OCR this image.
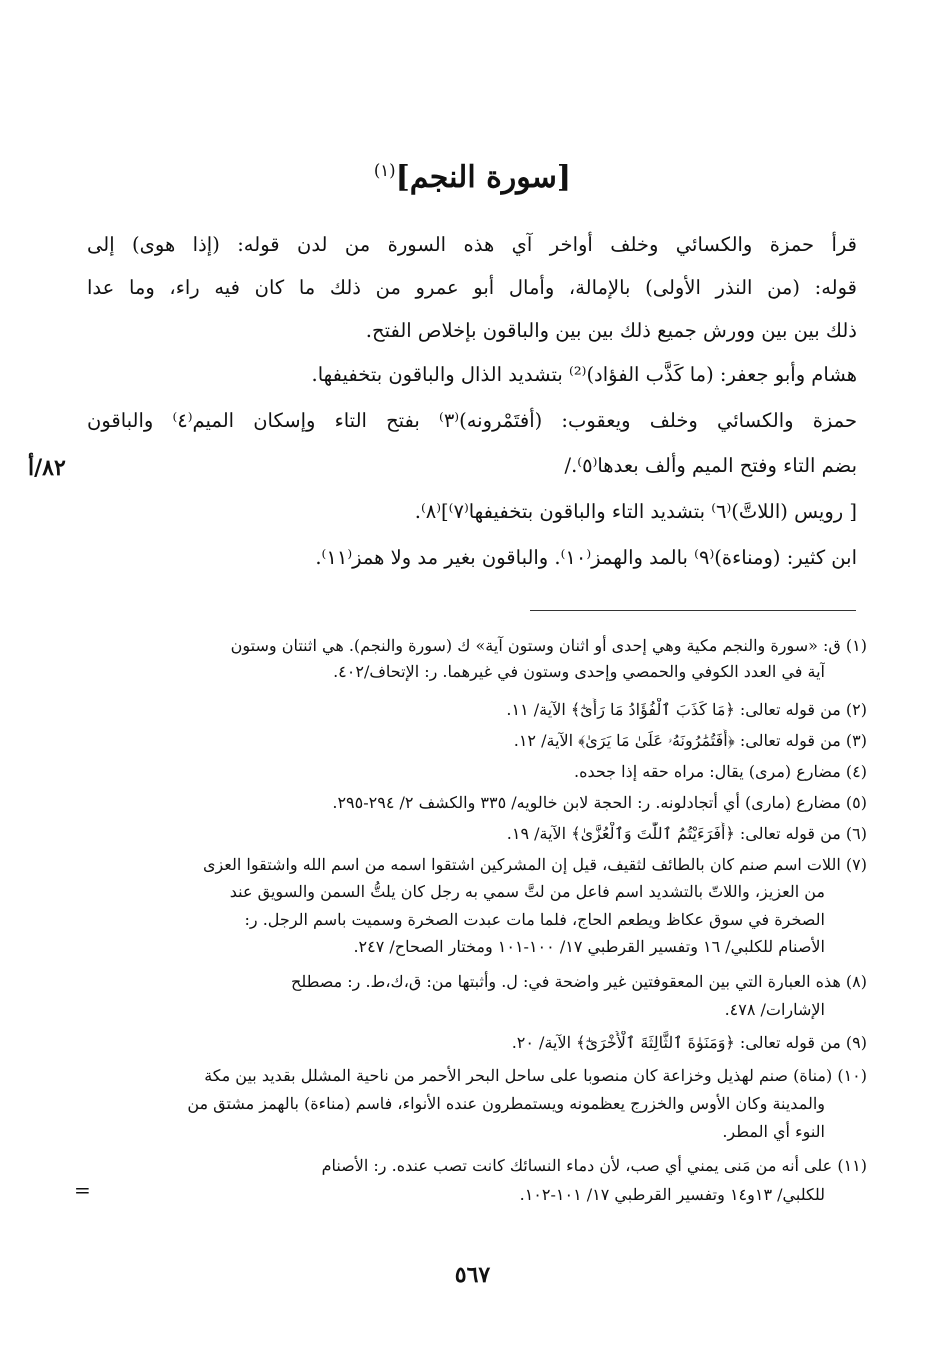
[سورة النجم]$^{(١)}$
قرأ حمزة والكسائي وخلف أواخر آي هذه السورة من لدن قوله: (إذا هوى) إلى
قوله: (من النذر الأولى) بالإمالة، وأمال أبو عمرو من ذلك ما كان فيه راء، وما عدا
ذلك بين بين وورش جميع ذلك بين بين والباقون بإخلاص الفتح.
هشام وأبو جعفر: (ما كَذَّب الفؤاد)⁽²⁾ بتشديد الذال والباقون بتخفيفها.
حمزة والكسائي وخلف ويعقوب: (أفتَمْرونه)⁽٣⁾ بفتح التاء وإسكان الميم⁽٤⁾ والباقون
بضم التاء وفتح الميم وألف بعدها⁽٥⁾./
[ رويس (اللاتَّ)⁽٦⁾ بتشديد التاء والباقون بتخفيفها⁽٧⁾]⁽٨⁾.
ابن كثير: (ومناءة)⁽٩⁾ بالمد والهمز⁽١٠⁾. والباقون بغير مد ولا همز⁽١١⁾.
٨٢/أ
(١) ق: «سورة والنجم مكية وهي إحدى أو اثنان وستون آية» ك (سورة والنجم). هي اثنتان وستون
آية في العدد الكوفي والحمصي وإحدى وستون في غيرهما. ر: الإتحاف/٤٠٢.
(٢) من قوله تعالى: ﴿مَا كَذَبَ ٱلْفُؤَادُ مَا رَأَىٰٓ﴾ الآية/ ١١.
(٣) من قوله تعالى: ﴿أَفَتُمَٰرُونَهُۥ عَلَىٰ مَا يَرَىٰ﴾ الآية/ ١٢.
(٤) مضارع (مرى) يقال: مراه حقه إذا جحده.
(٥) مضارع (مارى) أي أتجادلونه. ر: الحجة لابن خالويه/ ٣٣٥ والكشف ٢/ ٢٩٤-٢٩٥.
(٦) من قوله تعالى: ﴿أَفَرَءَيْتُمُ ٱللَّٰتَ وَٱلْعُزَّىٰ﴾ الآية/ ١٩.
(٧) اللات اسم صنم كان بالطائف لثقيف، قيل إن المشركين اشتقوا اسمه من اسم الله واشتقوا العزى
من العزيز، واللاتّ بالتشديد اسم فاعل من لتَّ سمي به رجل كان يلتُّ السمن والسويق عند
الصخرة في سوق عكاظ ويطعم الحاج، فلما مات عبدت الصخرة وسميت باسم الرجل. ر:
الأصنام للكلبي/ ١٦ وتفسير القرطبي ١٧/ ١٠٠-١٠١ ومختار الصحاح/ ٢٤٧.
(٨) هذه العبارة التي بين المعقوفتين غير واضحة في: ل. وأثبتها من: ق،ك،ط. ر: مصطلح
الإشارات/ ٤٧٨.
(٩) من قوله تعالى: ﴿وَمَنَوٰةَ ٱلثَّالِثَةَ ٱلْأُخْرَىٰٓ﴾ الآية/ ٢٠.
(١٠) (مناة) صنم لهذيل وخزاعة كان منصوبا على ساحل البحر الأحمر من ناحية المشلل بقديد بين مكة
والمدينة وكان الأوس والخزرج يعظمونه ويستمطرون عنده الأنواء، فاسم (مناءة) بالهمز مشتق من
النوء أي المطر.
(١١) على أنه من مَنى يمني أي صب، لأن دماء النسائك كانت تصب عنده. ر: الأصنام
للكلبي/ ١٣و١٤ وتفسير القرطبي ١٧/ ١٠١-١٠٢.
=
٥٦٧
